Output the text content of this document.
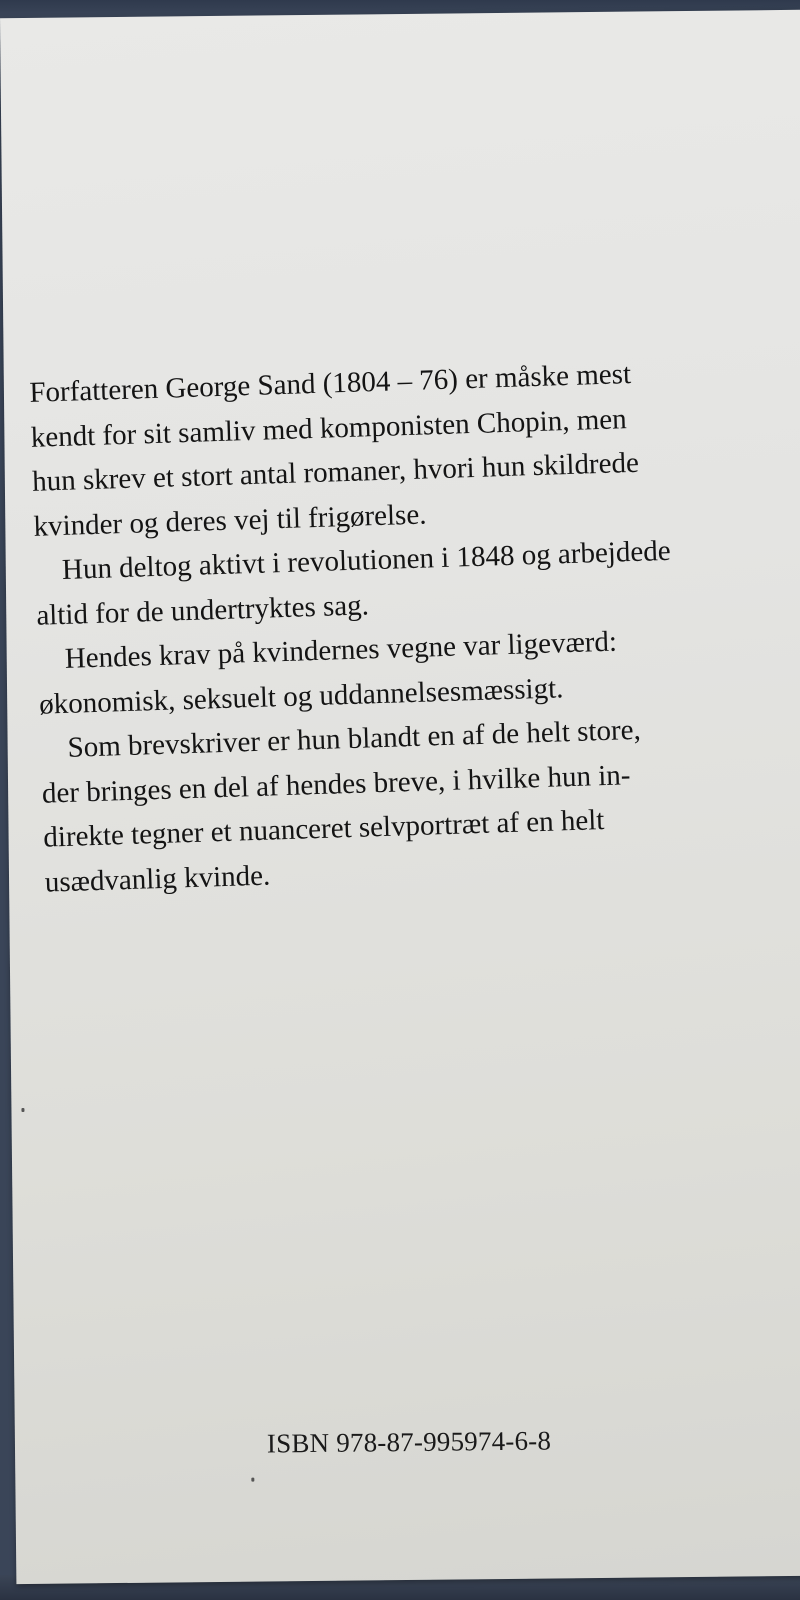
Forfatteren George Sand (1804 – 76) er måske mest

kendt for sit samliv med komponisten Chopin, men

hun skrev et stort antal romaner, hvori hun skildrede

kvinder og deres vej til frigørelse.

Hun deltog aktivt i revolutionen i 1848 og arbejdede

altid for de undertryktes sag.

Hendes krav på kvindernes vegne var ligeværd:

økonomisk, seksuelt og uddannelsesmæssigt.

Som brevskriver er hun blandt en af de helt store,

der bringes en del af hendes breve, i hvilke hun in-

direkte tegner et nuanceret selvportræt af en helt

usædvanlig kvinde.

ISBN 978-87-995974-6-8
